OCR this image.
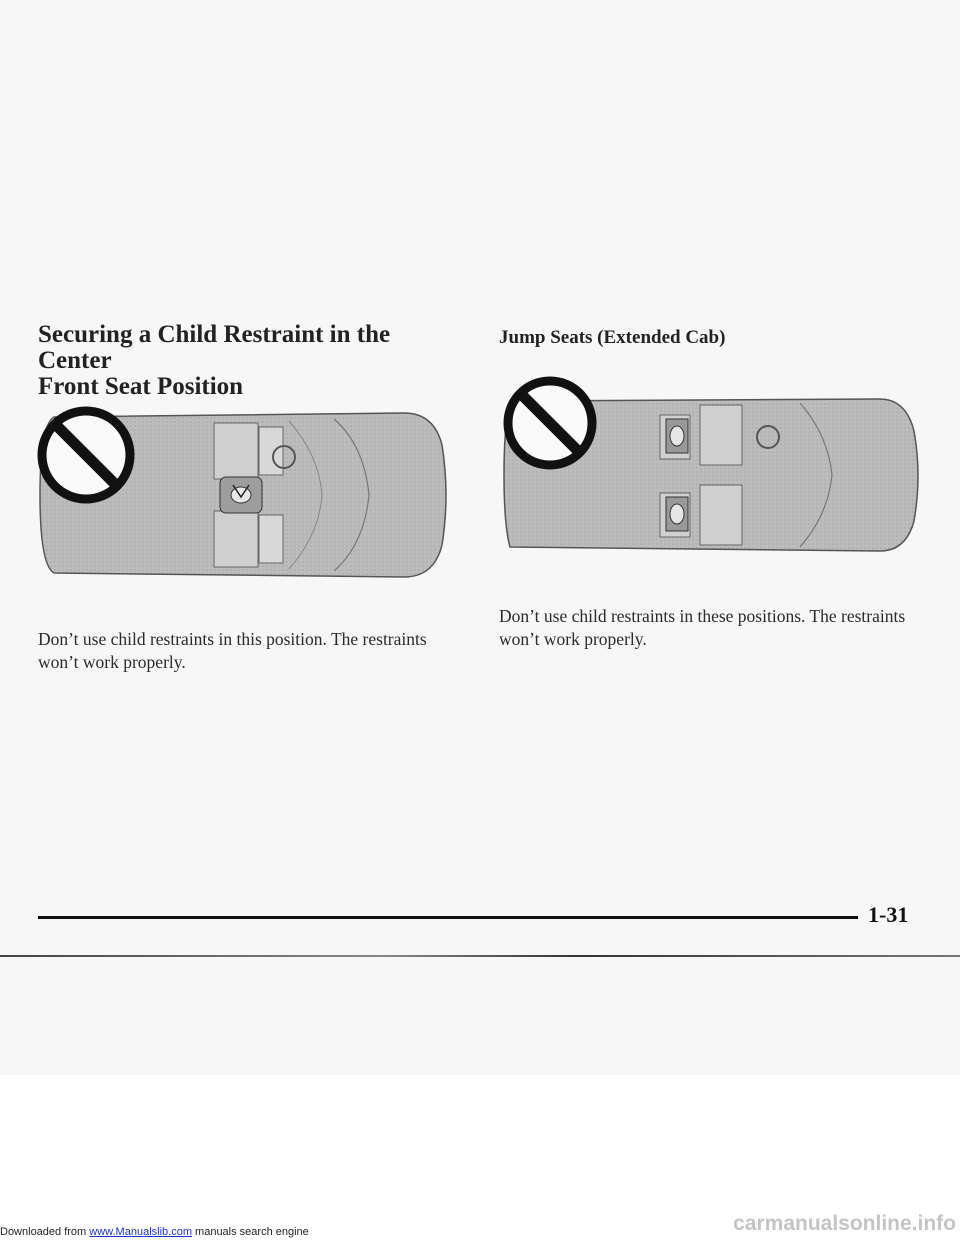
Securing a Child Restraint in the Center
Front Seat Position
Jump Seats (Extended Cab)

Don’t use child restraints in this position. The restraints won’t work properly.

Don’t use child restraints in these positions. The restraints won’t work properly.

1-31

Downloaded from www.Manualslib.com manuals search engine	carmanualsonline.info
